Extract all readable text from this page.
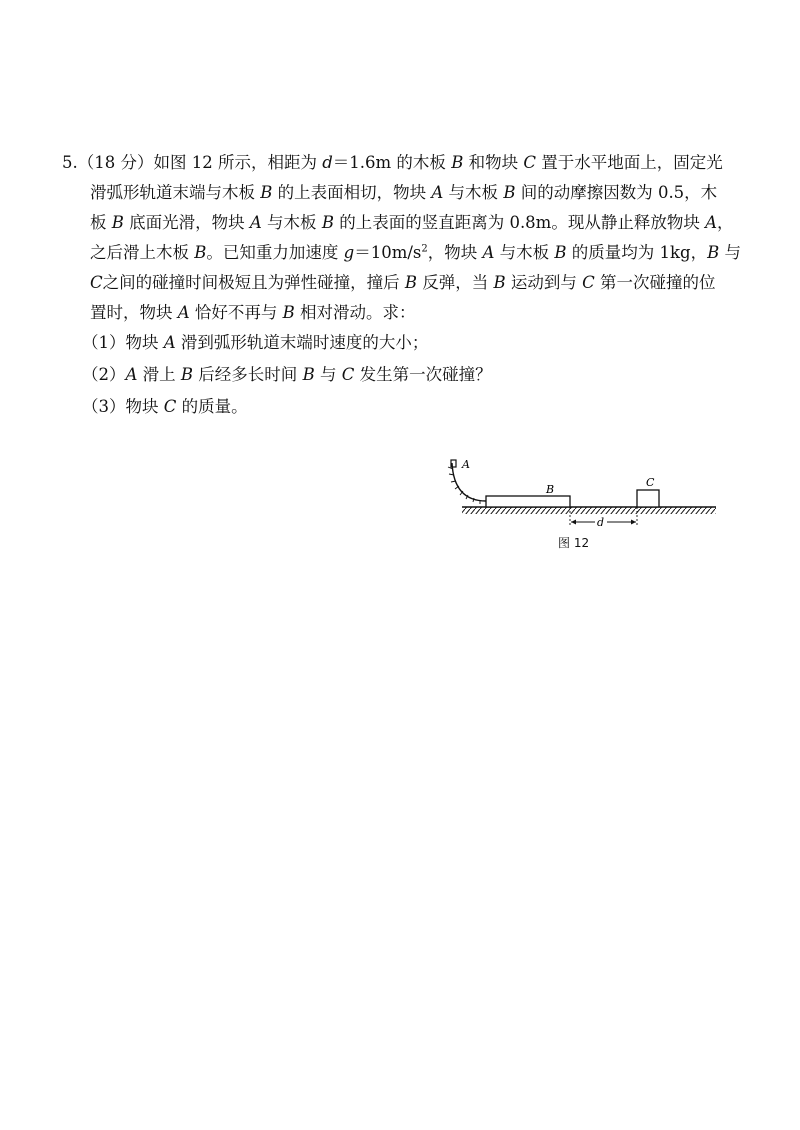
5.（18 分）如图 12 所示，相距为 d＝1.6m 的木板 B 和物块 C 置于水平地面上，固定光
滑弧形轨道末端与木板 B 的上表面相切，物块 A 与木板 B 间的动摩擦因数为 0.5，木
板 B 底面光滑，物块 A 与木板 B 的上表面的竖直距离为 0.8m。现从静止释放物块 A，
之后滑上木板 B。已知重力加速度 $g=10m/s^2$，物块 A 与木板 B 的质量均为 1kg，B 与
C之间的碰撞时间极短且为弹性碰撞，撞后 B 反弹，当 B 运动到与 C 第一次碰撞的位
置时，物块 A 恰好不再与 B 相对滑动。求：
（1）物块 A 滑到弧形轨道末端时速度的大小；
（2）A 滑上 B 后经多长时间 B 与 C 发生第一次碰撞？
（3）物块 C 的质量。
A
B
C
d
图 12
